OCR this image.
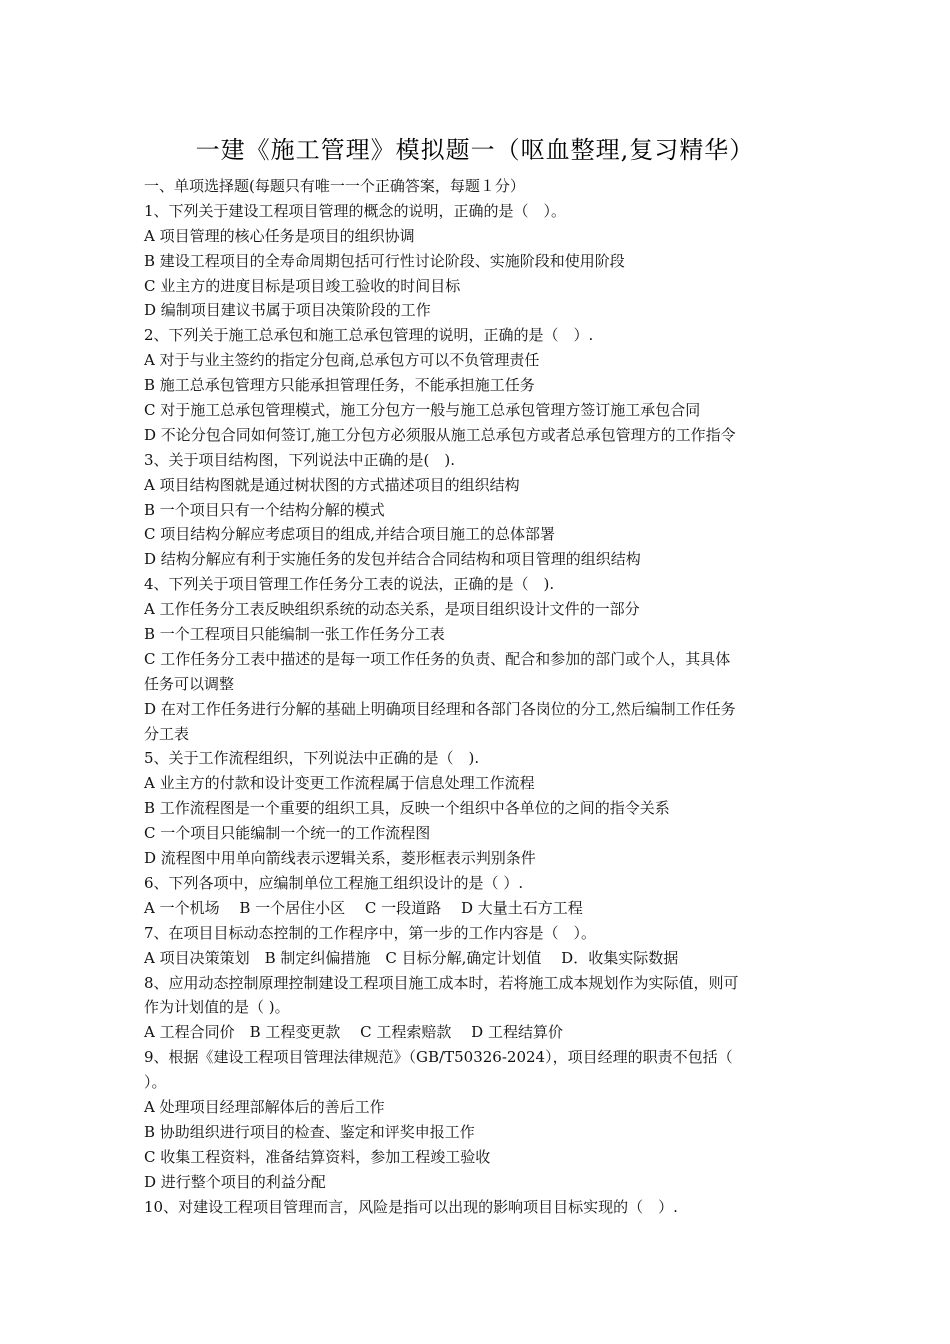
一建《施工管理》模拟题一（呕血整理,复习精华）
一、单项选择题(每题只有唯一一个正确答案，每题１分）
1、下列关于建设工程项目管理的概念的说明，正确的是（　）。
A 项目管理的核心任务是项目的组织协调
B 建设工程项目的全寿命周期包括可行性讨论阶段、实施阶段和使用阶段
C 业主方的进度目标是项目竣工验收的时间目标
D 编制项目建议书属于项目决策阶段的工作
2、下列关于施工总承包和施工总承包管理的说明，正确的是（　）.
A 对于与业主签约的指定分包商,总承包方可以不负管理责任
B 施工总承包管理方只能承担管理任务，不能承担施工任务
C 对于施工总承包管理模式，施工分包方一般与施工总承包管理方签订施工承包合同
D 不论分包合同如何签订,施工分包方必须服从施工总承包方或者总承包管理方的工作指令
3、关于项目结构图，下列说法中正确的是(　).
A 项目结构图就是通过树状图的方式描述项目的组织结构
B 一个项目只有一个结构分解的模式
C 项目结构分解应考虑项目的组成,并结合项目施工的总体部署
D 结构分解应有利于实施任务的发包并结合合同结构和项目管理的组织结构
4、下列关于项目管理工作任务分工表的说法，正确的是（　).
A 工作任务分工表反映组织系统的动态关系，是项目组织设计文件的一部分
B 一个工程项目只能编制一张工作任务分工表
C 工作任务分工表中描述的是每一项工作任务的负责、配合和参加的部门或个人，其具体
任务可以调整
D 在对工作任务进行分解的基础上明确项目经理和各部门各岗位的分工,然后编制工作任务
分工表
5、关于工作流程组织，下列说法中正确的是（　).
A 业主方的付款和设计变更工作流程属于信息处理工作流程
B 工作流程图是一个重要的组织工具，反映一个组织中各单位的之间的指令关系
C 一个项目只能编制一个统一的工作流程图
D 流程图中用单向箭线表示逻辑关系，菱形框表示判别条件
6、下列各项中，应编制单位工程施工组织设计的是（ ）.
A 一个机场　 B 一个居住小区　 C 一段道路　 D 大量土石方工程
7、在项目目标动态控制的工作程序中，第一步的工作内容是（　）。
A 项目决策策划　B 制定纠偏措施　C 目标分解,确定计划值　 D．收集实际数据
8、应用动态控制原理控制建设工程项目施工成本时，若将施工成本规划作为实际值，则可
作为计划值的是（ )。
A 工程合同价　B 工程变更款　 C 工程索赔款　 D 工程结算价
9、根据《建设工程项目管理法律规范》（GB/T50326-2024），项目经理的职责不包括（
）。
A 处理项目经理部解体后的善后工作
B 协助组织进行项目的检查、鉴定和评奖申报工作
C 收集工程资料，准备结算资料，参加工程竣工验收
D 进行整个项目的利益分配
10、对建设工程项目管理而言，风险是指可以出现的影响项目目标实现的（　）.
